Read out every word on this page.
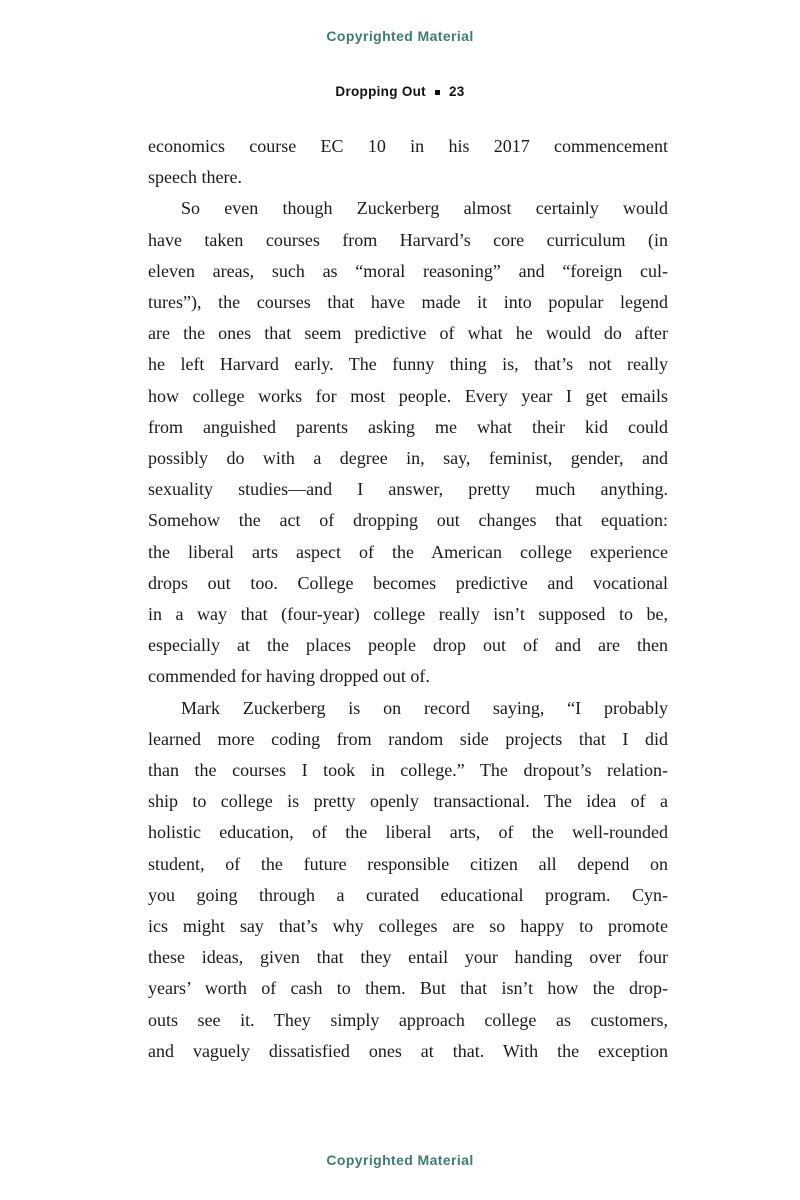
Copyrighted Material
Dropping Out 23
economics course EC 10 in his 2017 commencement
speech there.
So even though Zuckerberg almost certainly would
have taken courses from Harvard’s core curriculum (in
eleven areas, such as “moral reasoning” and “foreign cul-
tures”), the courses that have made it into popular legend
are the ones that seem predictive of what he would do after
he left Harvard early. The funny thing is, that’s not really
how college works for most people. Every year I get emails
from anguished parents asking me what their kid could
possibly do with a degree in, say, feminist, gender, and
sexuality studies—and I answer, pretty much anything.
Somehow the act of dropping out changes that equation:
the liberal arts aspect of the American college experience
drops out too. College becomes predictive and vocational
in a way that (four-year) college really isn’t supposed to be,
especially at the places people drop out of and are then
commended for having dropped out of.
Mark Zuckerberg is on record saying, “I probably
learned more coding from random side projects that I did
than the courses I took in college.” The dropout’s relation-
ship to college is pretty openly transactional. The idea of a
holistic education, of the liberal arts, of the well-rounded
student, of the future responsible citizen all depend on
you going through a curated educational program. Cyn-
ics might say that’s why colleges are so happy to promote
these ideas, given that they entail your handing over four
years’ worth of cash to them. But that isn’t how the drop-
outs see it. They simply approach college as customers,
and vaguely dissatisfied ones at that. With the exception
Copyrighted Material
